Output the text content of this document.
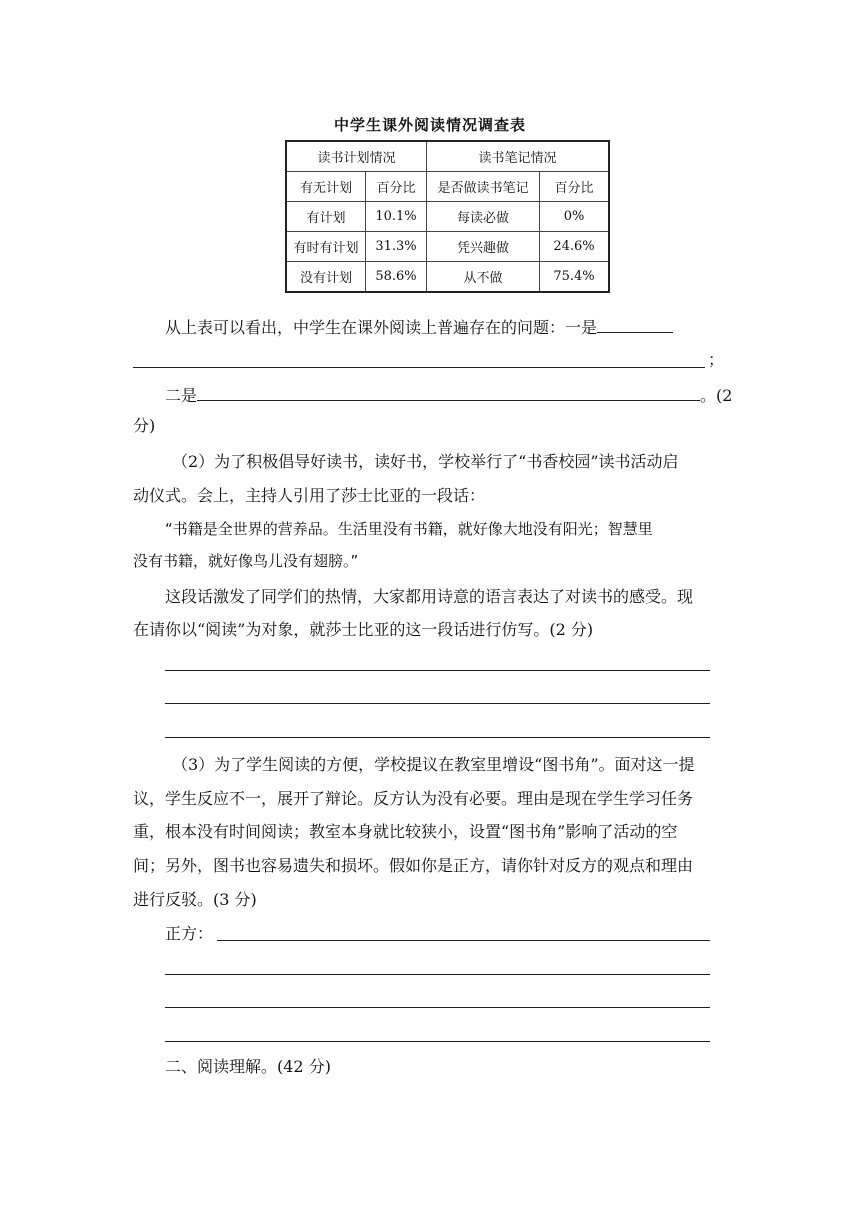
中学生课外阅读情况调查表
读书计划情况		读书笔记情况	
有无计划	百分比	是否做读书笔记	百分比
有计划	10.1%	每读必做	0%
有时有计划	31.3%	凭兴趣做	24.6%
没有计划	58.6%	从不做	75.4%
从上表可以看出，中学生在课外阅读上普遍存在的问题：一是
；
二是	。(2
分)
（2）为了积极倡导好读书，读好书，学校举行了“书香校园”读书活动启
动仪式。会上，主持人引用了莎士比亚的一段话：
“书籍是全世界的营养品。生活里没有书籍，就好像大地没有阳光；智慧里
没有书籍，就好像鸟儿没有翅膀。”
这段话激发了同学们的热情，大家都用诗意的语言表达了对读书的感受。现
在请你以“阅读”为对象，就莎士比亚的这一段话进行仿写。(2 分)
（3）为了学生阅读的方便，学校提议在教室里增设“图书角”。面对这一提
议，学生反应不一，展开了辩论。反方认为没有必要。理由是现在学生学习任务
重，根本没有时间阅读；教室本身就比较狭小，设置“图书角”影响了活动的空
间；另外，图书也容易遗失和损坏。假如你是正方，请你针对反方的观点和理由
进行反驳。(3 分)
正方：
二、阅读理解。(42 分)
